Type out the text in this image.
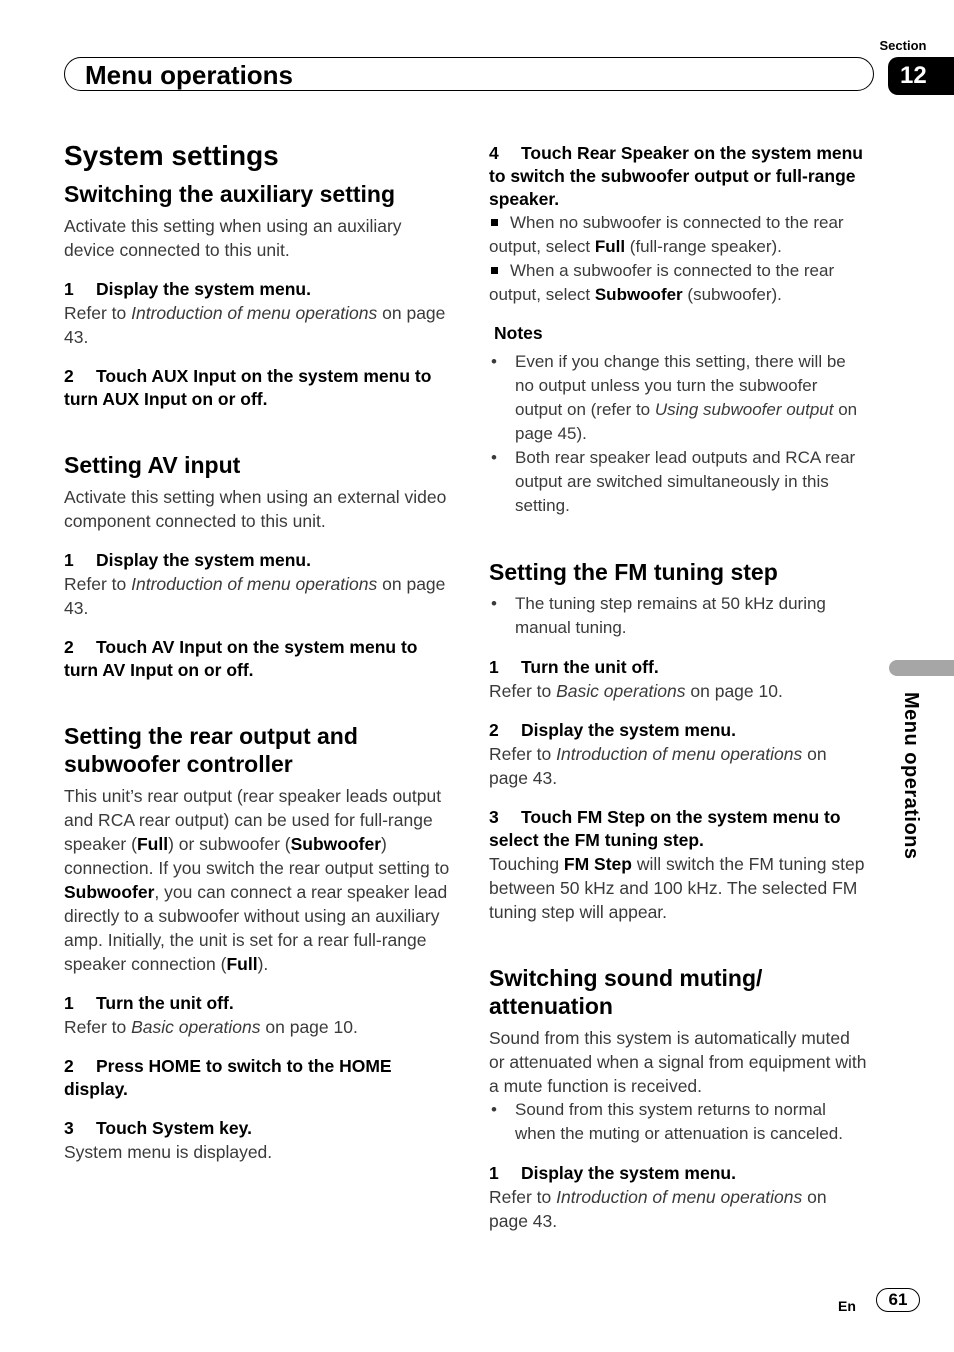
Section
Menu operations	12
Menu operations
System settings
Switching the auxiliary setting

Activate this setting when using an auxiliary device connected to this unit.

1 Display the system menu.

Refer to Introduction of menu operations on page 43.

2 Touch AUX Input on the system menu to turn AUX Input on or off.

Setting AV input

Activate this setting when using an external video component connected to this unit.

1 Display the system menu.

Refer to Introduction of menu operations on page 43.

2 Touch AV Input on the system menu to turn AV Input on or off.

Setting the rear output and subwoofer controller

This unit’s rear output (rear speaker leads output and RCA rear output) can be used for full-range speaker (Full) or subwoofer (Subwoofer) connection. If you switch the rear output setting to Subwoofer, you can connect a rear speaker lead directly to a subwoofer without using an auxiliary amp. Initially, the unit is set for a rear full-range speaker connection (Full).

1 Turn the unit off.

Refer to Basic operations on page 10.

2 Press HOME to switch to the HOME display.

3 Touch System key.

System menu is displayed.

4 Touch Rear Speaker on the system menu to switch the subwoofer output or full-range speaker.

When no subwoofer is connected to the rear output, select Full (full-range speaker).

When a subwoofer is connected to the rear output, select Subwoofer (subwoofer).

Notes

• Even if you change this setting, there will be no output unless you turn the subwoofer output on (refer to Using subwoofer output on page 45).
• Both rear speaker lead outputs and RCA rear output are switched simultaneously in this setting.
Setting the FM tuning step
• The tuning step remains at 50 kHz during manual tuning.

1 Turn the unit off.

Refer to Basic operations on page 10.

2 Display the system menu.

Refer to Introduction of menu operations on page 43.

3 Touch FM Step on the system menu to select the FM tuning step.

Touching FM Step will switch the FM tuning step between 50 kHz and 100 kHz. The selected FM tuning step will appear.

Switching sound muting/ attenuation

Sound from this system is automatically muted or attenuated when a signal from equipment with a mute function is received.

• Sound from this system returns to normal when the muting or attenuation is canceled.

1 Display the system menu.

Refer to Introduction of menu operations on page 43.

En	61
